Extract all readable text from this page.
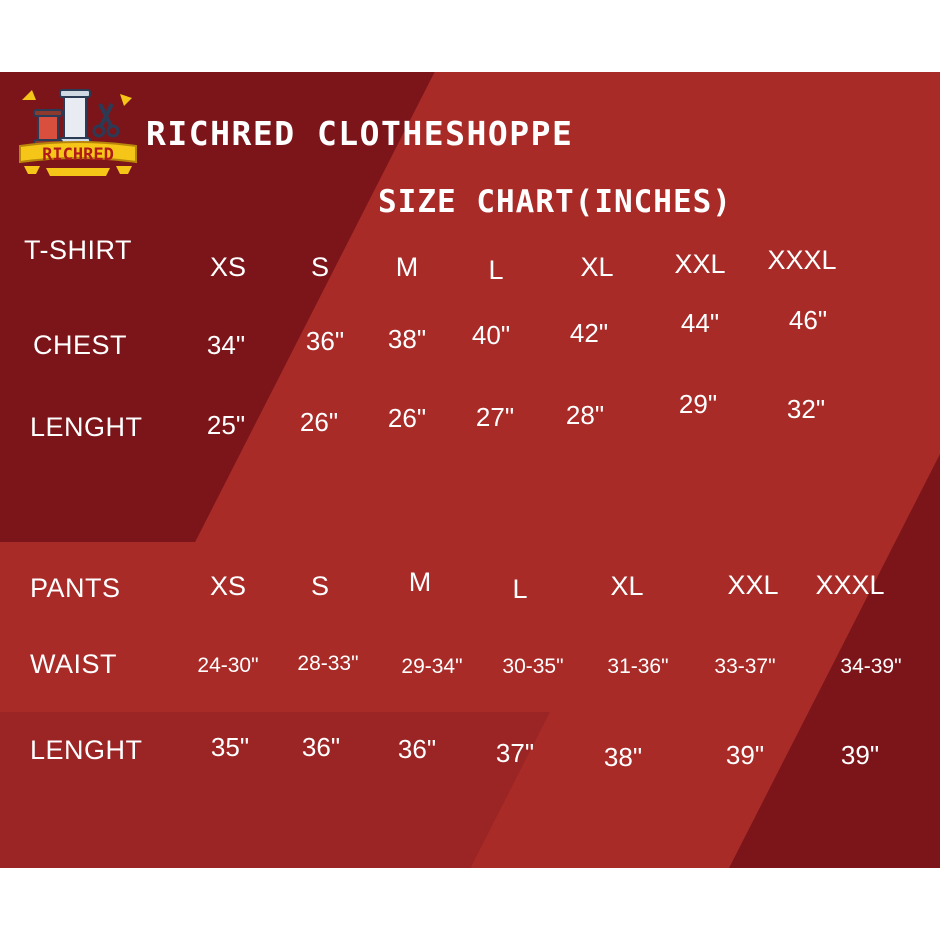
RICHRED
RICHRED CLOTHESHOPPE
SIZE CHART(INCHES)
T-SHIRT
XS	S	M	L	XL	XXL	XXXL
CHEST	34"	36"	38"	40"	42"	44"	46"
LENGHT	25"	26"	26"	27"	28"	29"	32"
PANTS	XS	S	M	L	XL	XXL	XXXL
WAIST	24-30"	28-33"	29-34"	30-35"	31-36"	33-37"	34-39"
LENGHT	35"	36"	36"	37"	38"	39"	39"
